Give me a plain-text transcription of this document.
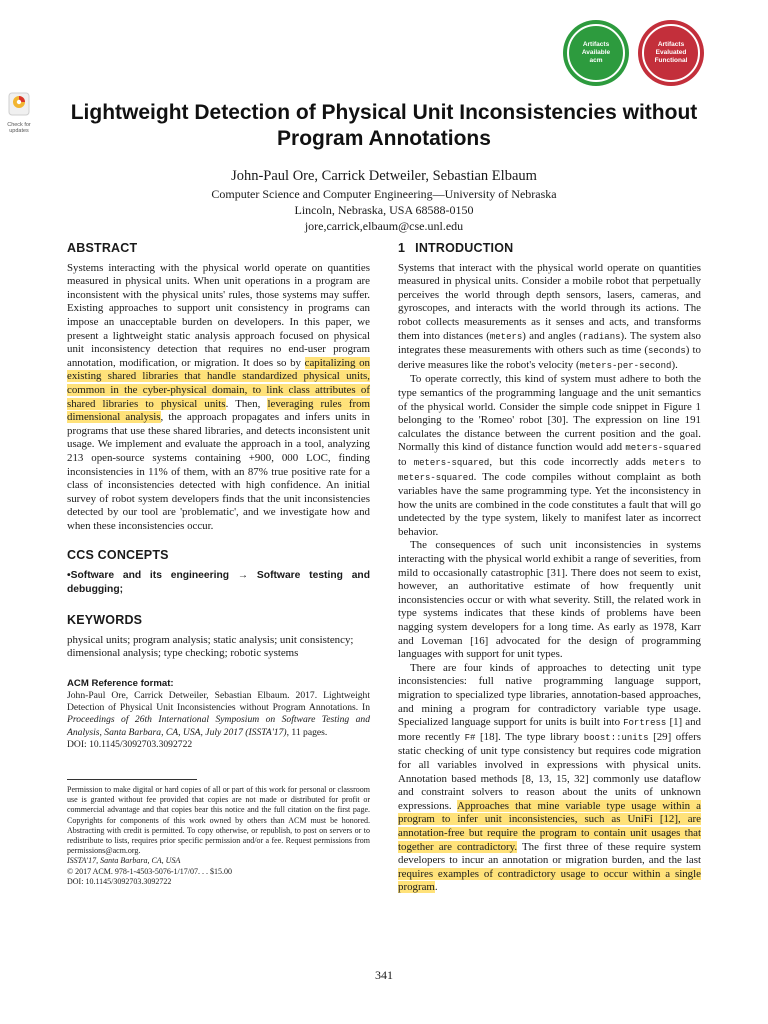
Check for updates
Artifacts Available
acm
Artifacts Evaluated
Functional
Lightweight Detection of Physical Unit Inconsistencies without Program Annotations
John-Paul Ore, Carrick Detweiler, Sebastian Elbaum
Computer Science and Computer Engineering—University of Nebraska
Lincoln, Nebraska, USA 68588-0150
jore,carrick,elbaum@cse.unl.edu
ABSTRACT

Systems interacting with the physical world operate on quantities measured in physical units. When unit operations in a program are inconsistent with the physical units' rules, those systems may suffer. Existing approaches to support unit consistency in programs can impose an unacceptable burden on developers. In this paper, we present a lightweight static analysis approach focused on physical unit inconsistency detection that requires no end-user program annotation, modification, or migration. It does so by capitalizing on existing shared libraries that handle standardized physical units, common in the cyber-physical domain, to link class attributes of shared libraries to physical units. Then, leveraging rules from dimensional analysis, the approach propagates and infers units in programs that use these shared libraries, and detects inconsistent unit usage. We implement and evaluate the approach in a tool, analyzing 213 open-source systems containing +900, 000 LOC, finding inconsistencies in 11% of them, with an 87% true positive rate for a class of inconsistencies detected with high confidence. An initial survey of robot system developers finds that the unit inconsistencies detected by our tool are 'problematic', and we investigate how and when these inconsistencies occur.

CCS CONCEPTS

•Software and its engineering → Software testing and debugging;

KEYWORDS

physical units; program analysis; static analysis; unit consistency; dimensional analysis; type checking; robotic systems

ACM Reference format:

John-Paul Ore, Carrick Detweiler, Sebastian Elbaum. 2017. Lightweight Detection of Physical Unit Inconsistencies without Program Annotations. In Proceedings of 26th International Symposium on Software Testing and Analysis, Santa Barbara, CA, USA, July 2017 (ISSTA'17), 11 pages.

DOI: 10.1145/3092703.3092722

Permission to make digital or hard copies of all or part of this work for personal or classroom use is granted without fee provided that copies are not made or distributed for profit or commercial advantage and that copies bear this notice and the full citation on the first page. Copyrights for components of this work owned by others than ACM must be honored. Abstracting with credit is permitted. To copy otherwise, or republish, to post on servers or to redistribute to lists, requires prior specific permission and/or a fee. Request permissions from permissions@acm.org.

ISSTA'17, Santa Barbara, CA, USA
© 2017 ACM. 978-1-4503-5076-1/17/07. . . $15.00
DOI: 10.1145/3092703.3092722
1 INTRODUCTION

Systems that interact with the physical world operate on quantities measured in physical units. Consider a mobile robot that perpetually perceives the world through depth sensors, lasers, cameras, and gyroscopes, and interacts with the world through its actions. The robot collects measurements as it senses and acts, and transforms them into distances (meters) and angles (radians). The system also integrates these measurements with others such as time (seconds) to derive measures like the robot's velocity (meters-per-second).

To operate correctly, this kind of system must adhere to both the type semantics of the programming language and the unit semantics of the physical world. Consider the simple code snippet in Figure 1 belonging to the 'Romeo' robot [30]. The expression on line 191 calculates the distance between the current position and the goal. Normally this kind of distance function would add meters-squared to meters-squared, but this code incorrectly adds meters to meters-squared. The code compiles without complaint as both variables have the same programming type. Yet the inconsistency in how the units are combined in the code constitutes a fault that will go undetected by the type system, likely to manifest later as incorrect behavior.

The consequences of such unit inconsistencies in systems interacting with the physical world exhibit a range of severities, from mild to occasionally catastrophic [31]. There does not seem to exist, however, an authoritative estimate of how frequently unit inconsistencies occur or with what severity. Still, the related work in type systems indicates that these kinds of problems have been nagging system developers for a long time. As early as 1978, Karr and Loveman [16] advocated for the design of programming languages with support for unit types.

There are four kinds of approaches to detecting unit type inconsistencies: full native programming language support, migration to specialized type libraries, annotation-based approaches, and mining a program for contradictory variable type usage. Specialized language support for units is built into Fortress [1] and more recently F# [18]. The type library boost::units [29] offers static checking of unit type consistency but requires code migration for all variables involved in expressions with physical units. Annotation based methods [8, 13, 15, 32] commonly use dataflow and constraint solvers to reason about the units of unknown expressions. Approaches that mine variable type usage within a program to infer unit inconsistencies, such as UniFi [12], are annotation-free but require the program to contain unit usages that together are contradictory. The first three of these require system developers to incur an annotation or migration burden, and the last requires examples of contradictory usage to occur within a single program.

341
